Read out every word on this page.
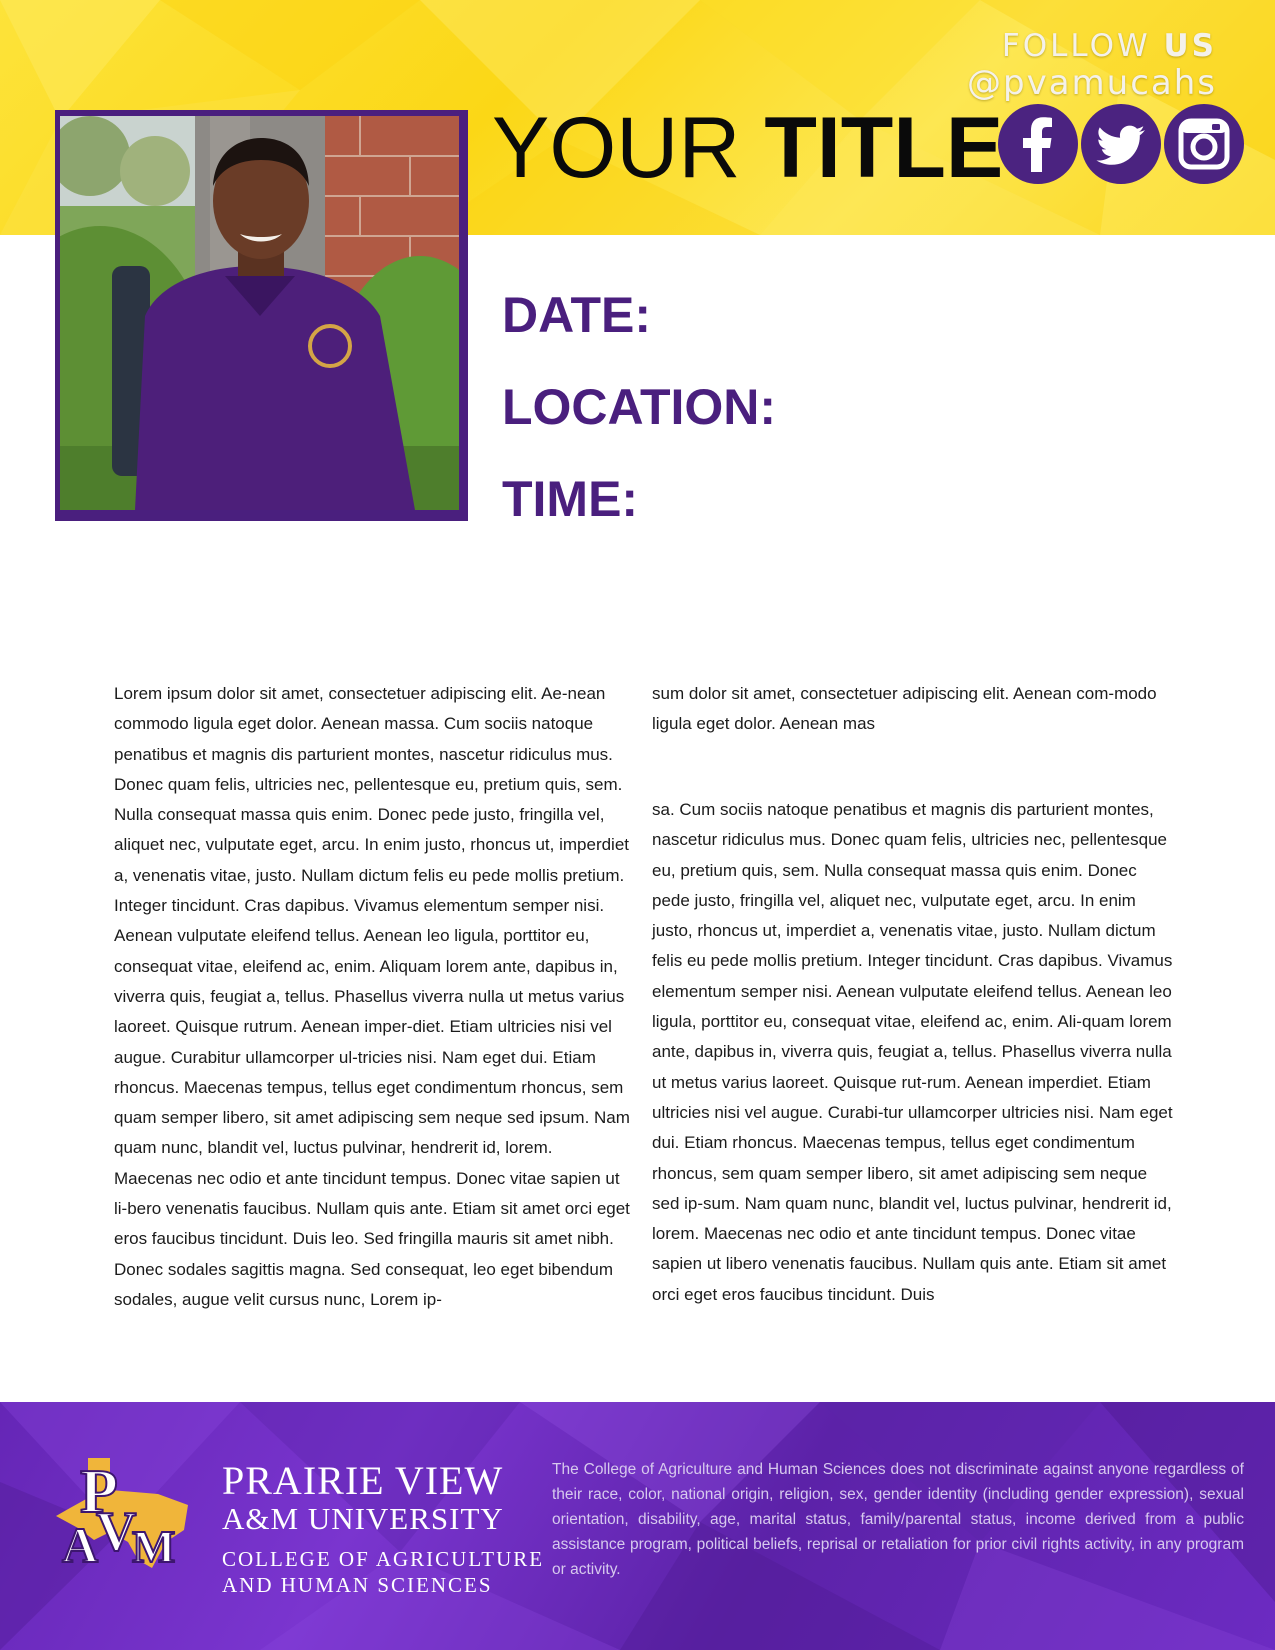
FOLLOW US
@pvamucahs
YOUR TITLE
DATE:
LOCATION:
TIME:

Lorem ipsum dolor sit amet, consectetuer adipiscing elit. Ae-nean commodo ligula eget dolor. Aenean massa. Cum sociis natoque penatibus et magnis dis parturient montes, nascetur ridiculus mus. Donec quam felis, ultricies nec, pellentesque eu, pretium quis, sem. Nulla consequat massa quis enim. Donec pede justo, fringilla vel, aliquet nec, vulputate eget, arcu. In enim justo, rhoncus ut, imperdiet a, venenatis vitae, justo. Nullam dictum felis eu pede mollis pretium. Integer tincidunt. Cras dapibus. Vivamus elementum semper nisi. Aenean vulputate eleifend tellus. Aenean leo ligula, porttitor eu, consequat vitae, eleifend ac, enim. Aliquam lorem ante, dapibus in, viverra quis, feugiat a, tellus. Phasellus viverra nulla ut metus varius laoreet. Quisque rutrum. Aenean imper-diet. Etiam ultricies nisi vel augue. Curabitur ullamcorper ul-tricies nisi. Nam eget dui. Etiam rhoncus. Maecenas tempus, tellus eget condimentum rhoncus, sem quam semper libero, sit amet adipiscing sem neque sed ipsum. Nam quam nunc, blandit vel, luctus pulvinar, hendrerit id, lorem. Maecenas nec odio et ante tincidunt tempus. Donec vitae sapien ut li-bero venenatis faucibus. Nullam quis ante. Etiam sit amet orci eget eros faucibus tincidunt. Duis leo. Sed fringilla mauris sit amet nibh. Donec sodales sagittis magna. Sed consequat, leo eget bibendum sodales, augue velit cursus nunc, Lorem ip-

sum dolor sit amet, consectetuer adipiscing elit. Aenean com-modo ligula eget dolor. Aenean mas

sa. Cum sociis natoque penatibus et magnis dis parturient montes, nascetur ridiculus mus. Donec quam felis, ultricies nec, pellentesque eu, pretium quis, sem. Nulla consequat massa quis enim. Donec pede justo, fringilla vel, aliquet nec, vulputate eget, arcu. In enim justo, rhoncus ut, imperdiet a, venenatis vitae, justo. Nullam dictum felis eu pede mollis pretium. Integer tincidunt. Cras dapibus. Vivamus elementum semper nisi. Aenean vulputate eleifend tellus. Aenean leo ligula, porttitor eu, consequat vitae, eleifend ac, enim. Ali-quam lorem ante, dapibus in, viverra quis, feugiat a, tellus. Phasellus viverra nulla ut metus varius laoreet. Quisque rut-rum. Aenean imperdiet. Etiam ultricies nisi vel augue. Curabi-tur ullamcorper ultricies nisi. Nam eget dui. Etiam rhoncus. Maecenas tempus, tellus eget condimentum rhoncus, sem quam semper libero, sit amet adipiscing sem neque sed ip-sum. Nam quam nunc, blandit vel, luctus pulvinar, hendrerit id, lorem. Maecenas nec odio et ante tincidunt tempus. Donec vitae sapien ut libero venenatis faucibus. Nullam quis ante. Etiam sit amet orci eget eros faucibus tincidunt. Duis

P
A
V
M
PRAIRIE VIEW
A&M UNIVERSITY
COLLEGE OF AGRICULTURE
AND HUMAN SCIENCES
The College of Agriculture and Human Sciences does not discriminate against anyone regardless of their race, color, national origin, religion, sex, gender identity (including gender expression), sexual orientation, disability, age, marital status, family/parental status, income derived from a public assistance program, political beliefs, reprisal or retaliation for prior civil rights activity, in any program or activity.
